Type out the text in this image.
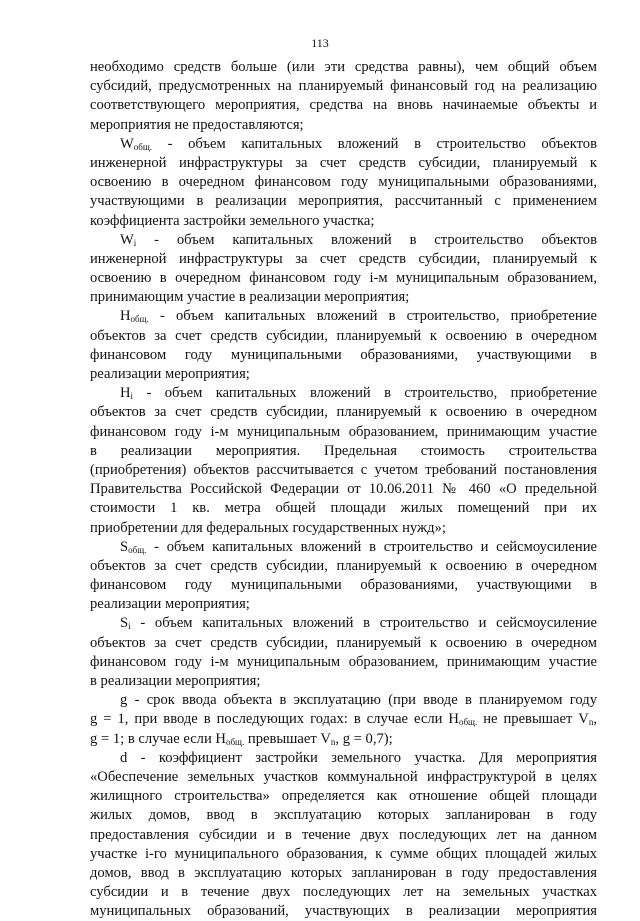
113
необходимо средств больше (или эти средства равны), чем общий объем
субсидий, предусмотренных на планируемый финансовый год на реализацию
соответствующего мероприятия, средства на вновь начинаемые объекты и
мероприятия не предоставляются;
$W_{общ.}$ - объем капитальных вложений в строительство объектов
инженерной инфраструктуры за счет средств субсидии, планируемый к
освоению в очередном финансовом году муниципальными образованиями,
участвующими в реализации мероприятия, рассчитанный с применением
коэффициента застройки земельного участка;
$W_i$ - объем капитальных вложений в строительство объектов
инженерной инфраструктуры за счет средств субсидии, планируемый к
освоению в очередном финансовом году i-м муниципальным образованием,
принимающим участие в реализации мероприятия;
$H_{общ.}$ - объем капитальных вложений в строительство, приобретение
объектов за счет средств субсидии, планируемый к освоению в очередном
финансовом году муниципальными образованиями, участвующими в
реализации мероприятия;
$H_i$ - объем капитальных вложений в строительство, приобретение
объектов за счет средств субсидии, планируемый к освоению в очередном
финансовом году i-м муниципальным образованием, принимающим участие
в реализации мероприятия. Предельная стоимость строительства
(приобретения) объектов рассчитывается с учетом требований постановления
Правительства Российской Федерации от 10.06.2011 № 460 «О предельной
стоимости 1 кв. метра общей площади жилых помещений при их
приобретении для федеральных государственных нужд»;
$S_{общ.}$ - объем капитальных вложений в строительство и сейсмоусиление
объектов за счет средств субсидии, планируемый к освоению в очередном
финансовом году муниципальными образованиями, участвующими в
реализации мероприятия;
$S_i$ - объем капитальных вложений в строительство и сейсмоусиление
объектов за счет средств субсидии, планируемый к освоению в очередном
финансовом году i-м муниципальным образованием, принимающим участие
в реализации мероприятия;
g - срок ввода объекта в эксплуатацию (при вводе в планируемом году
g = 1, при вводе в последующих годах: в случае если $H_{общ.}$ не превышает $V_n$,
g = 1; в случае если $H_{общ.}$ превышает $V_n$, g = 0,7);
d - коэффициент застройки земельного участка. Для мероприятия
«Обеспечение земельных участков коммунальной инфраструктурой в целях
жилищного строительства» определяется как отношение общей площади
жилых домов, ввод в эксплуатацию которых запланирован в году
предоставления субсидии и в течение двух последующих лет на данном
участке i-го муниципального образования, к сумме общих площадей жилых
домов, ввод в эксплуатацию которых запланирован в году предоставления
субсидии и в течение двух последующих лет на земельных участках
муниципальных образований, участвующих в реализации мероприятия
